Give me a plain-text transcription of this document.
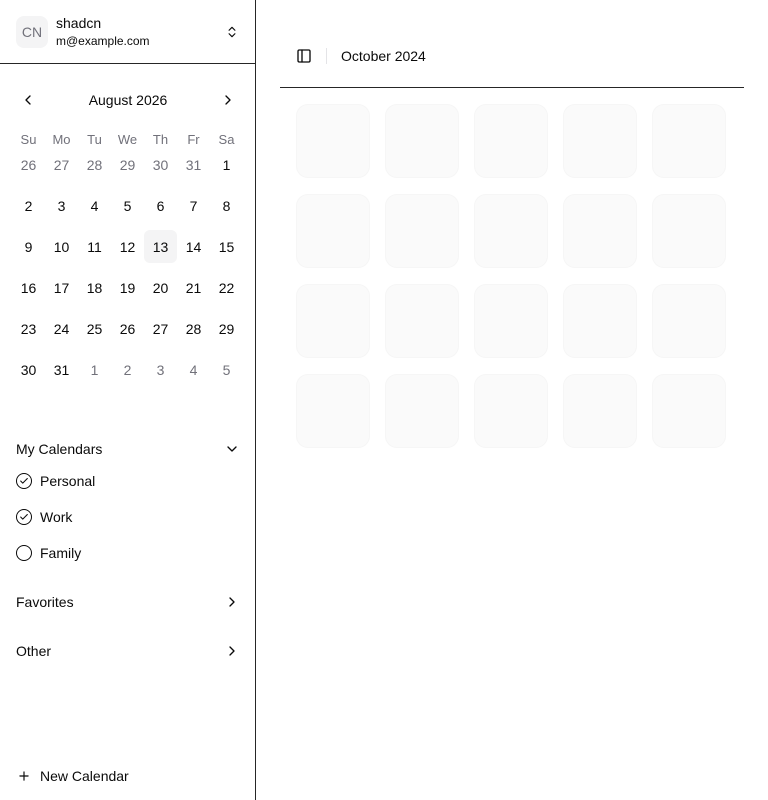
CN
shadcn
m@example.com
August 2026
Su	Mo	Tu	We	Th	Fr	Sa
26	27	28	29	30	31	1
2	3	4	5	6	7	8
9	10	11	12	13	14	15
16	17	18	19	20	21	22
23	24	25	26	27	28	29
30	31	1	2	3	4	5
My Calendars
Personal
Work
Family
Favorites
Other
New Calendar
October 2024
